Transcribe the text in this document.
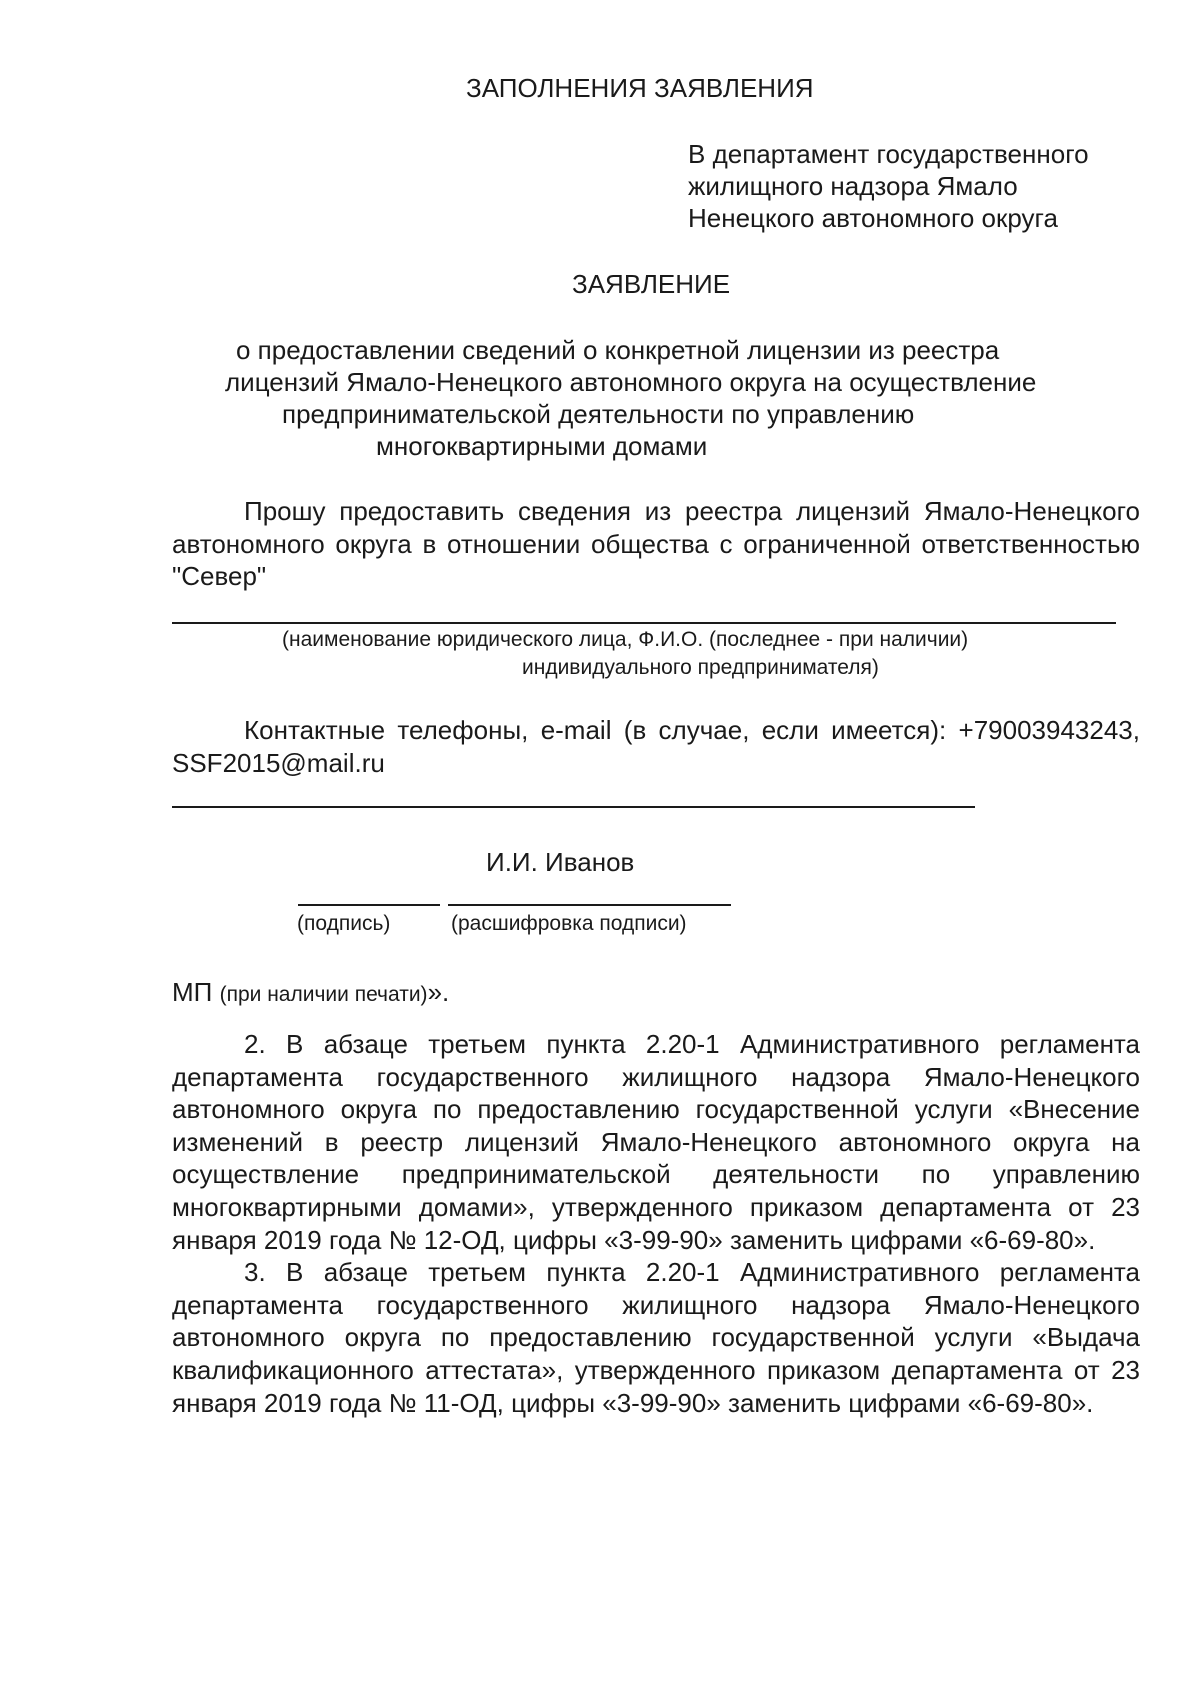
ЗАПОЛНЕНИЯ ЗАЯВЛЕНИЯ
В департамент государственного
жилищного надзора Ямало
Ненецкого автономного округа
ЗАЯВЛЕНИЕ
о предоставлении сведений о конкретной лицензии из реестра
лицензий Ямало-Ненецкого автономного округа на осуществление
предпринимательской деятельности по управлению
многоквартирными домами

Прошу предоставить сведения из реестра лицензий Ямало-Ненецкого автономного округа в отношении общества с ограниченной ответственностью "Север"

(наименование юридического лица, Ф.И.О. (последнее - при наличии)
индивидуального предпринимателя)

Контактные телефоны, e-mail (в случае, если имеется): +79003943243, SSF2015@mail.ru

И.И. Иванов
(подпись)	(расшифровка подписи)
МП (при наличии печати)».

2. В абзаце третьем пункта 2.20-1 Административного регламента департамента государственного жилищного надзора Ямало-Ненецкого автономного округа по предоставлению государственной услуги «Внесение изменений в реестр лицензий Ямало-Ненецкого автономного округа на осуществление предпринимательской деятельности по управлению многоквартирными домами», утвержденного приказом департамента от 23 января 2019 года № 12-ОД, цифры «3-99-90» заменить цифрами «6-69-80».

3. В абзаце третьем пункта 2.20-1 Административного регламента департамента государственного жилищного надзора Ямало-Ненецкого автономного округа по предоставлению государственной услуги «Выдача квалификационного аттестата», утвержденного приказом департамента от 23 января 2019 года № 11-ОД, цифры «3-99-90» заменить цифрами «6-69-80».
